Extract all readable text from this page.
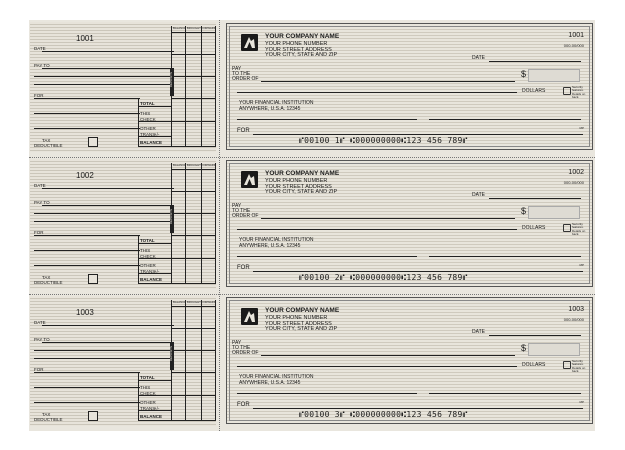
1001
DATE
PAY TO
FOR
TOTAL
THIS CHECK
OTHER TRANS
+/-
BALANCE
TAX
DEDUCTIBLE
BALANCE BROUGHT FORWARD
DEPOSITS
YOUR COMPANY NAME
YOUR PHONE NUMBER
YOUR STREET ADDRESS
YOUR CITY, STATE AND ZIP
1001
000-00/000
DATE
PAY
TO THE
ORDER OF	$
DOLLARS
Security features. Details on back.
YOUR FINANCIAL INSTITUTION
ANYWHERE, U.S.A. 12345
FOR	MP
⑈00100 1⑈ ⑆000000000⑆123 456 789⑈
1002
DATE
PAY TO
FOR
TOTAL
THIS CHECK
OTHER TRANS
+/-
BALANCE
TAX
DEDUCTIBLE
BALANCE BROUGHT FORWARD
DEPOSITS
YOUR COMPANY NAME
YOUR PHONE NUMBER
YOUR STREET ADDRESS
YOUR CITY, STATE AND ZIP
1002
000-00/000
DATE
PAY
TO THE
ORDER OF	$
DOLLARS
Security features. Details on back.
YOUR FINANCIAL INSTITUTION
ANYWHERE, U.S.A. 12345
FOR	MP
⑈00100 2⑈ ⑆000000000⑆123 456 789⑈
1003
DATE
PAY TO
FOR
TOTAL
THIS CHECK
OTHER TRANS
+/-
BALANCE
TAX
DEDUCTIBLE
BALANCE BROUGHT FORWARD
DEPOSITS
YOUR COMPANY NAME
YOUR PHONE NUMBER
YOUR STREET ADDRESS
YOUR CITY, STATE AND ZIP
1003
000-00/000
DATE
PAY
TO THE
ORDER OF	$
DOLLARS
Security features. Details on back.
YOUR FINANCIAL INSTITUTION
ANYWHERE, U.S.A. 12345
FOR	MP
⑈00100 3⑈ ⑆000000000⑆123 456 789⑈
